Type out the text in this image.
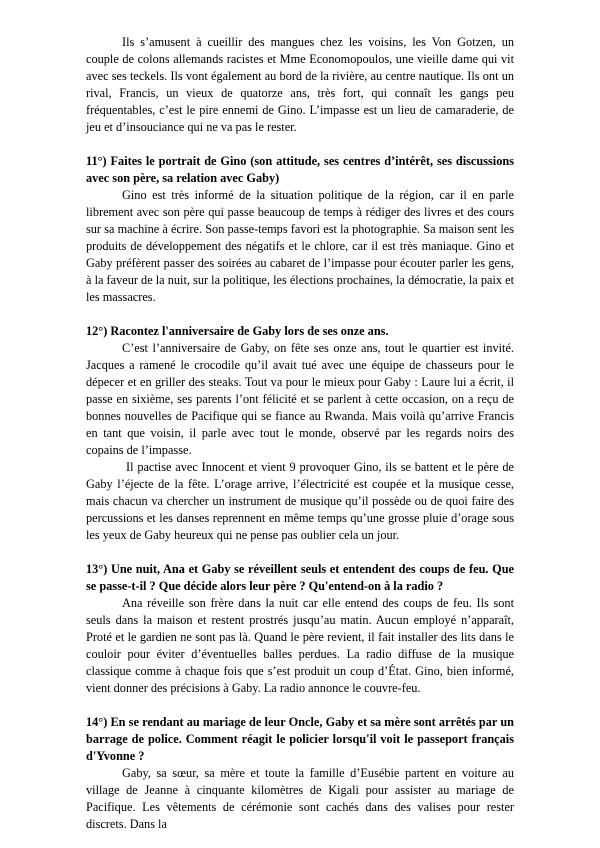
Ils s’amusent à cueillir des mangues chez les voisins, les Von Gotzen, un couple de colons allemands racistes et Mme Economopoulos, une vieille dame qui vit avec ses teckels. Ils vont également au bord de la rivière, au centre nautique. Ils ont un rival, Francis, un vieux de quatorze ans, très fort, qui connaît les gangs peu fréquentables, c’est le pire ennemi de Gino. L’impasse est un lieu de camaraderie, de jeu et d’insouciance qui ne va pas le rester.

11°) Faites le portrait de Gino (son attitude, ses centres d’intérêt, ses discussions avec son père, sa relation avec Gaby)

Gino est très informé de la situation politique de la région, car il en parle librement avec son père qui passe beaucoup de temps à rédiger des livres et des cours sur sa machine à écrire. Son passe-temps favori est la photographie. Sa maison sent les produits de développement des négatifs et le chlore, car il est très maniaque. Gino et Gaby préfèrent passer des soirées au cabaret de l’impasse pour écouter parler les gens, à la faveur de la nuit, sur la politique, les élections prochaines, la démocratie, la paix et les massacres.

12°) Racontez l'anniversaire de Gaby lors de ses onze ans.

C’est l’anniversaire de Gaby, on fête ses onze ans, tout le quartier est invité. Jacques a ramené le crocodile qu’il avait tué avec une équipe de chasseurs pour le dépecer et en griller des steaks. Tout va pour le mieux pour Gaby : Laure lui a écrit, il passe en sixième, ses parents l’ont félicité et se parlent à cette occasion, on a reçu de bonnes nouvelles de Pacifique qui se fiance au Rwanda. Mais voilà qu’arrive Francis en tant que voisin, il parle avec tout le monde, observé par les regards noirs des copains de l’impasse.

Il pactise avec Innocent et vient 9 provoquer Gino, ils se battent et le père de Gaby l’éjecte de la fête. L’orage arrive, l’électricité est coupée et la musique cesse, mais chacun va chercher un instrument de musique qu’il possède ou de quoi faire des percussions et les danses reprennent en même temps qu’une grosse pluie d’orage sous les yeux de Gaby heureux qui ne pense pas oublier cela un jour.

13°) Une nuit, Ana et Gaby se réveillent seuls et entendent des coups de feu. Que se passe-t-il ? Que décide alors leur père ? Qu'entend-on à la radio ?

Ana réveille son frère dans la nuit car elle entend des coups de feu. Ils sont seuls dans la maison et restent prostrés jusqu’au matin. Aucun employé n’apparaît, Proté et le gardien ne sont pas là. Quand le père revient, il fait installer des lits dans le couloir pour éviter d’éventuelles balles perdues. La radio diffuse de la musique classique comme à chaque fois que s’est produit un coup d’État. Gino, bien informé, vient donner des précisions à Gaby. La radio annonce le couvre-feu.

14°) En se rendant au mariage de leur Oncle, Gaby et sa mère sont arrêtés par un barrage de police. Comment réagit le policier lorsqu'il voit le passeport français d'Yvonne ?

Gaby, sa sœur, sa mère et toute la famille d’Eusébie partent en voiture au village de Jeanne à cinquante kilomètres de Kigali pour assister au mariage de Pacifique. Les vêtements de cérémonie sont cachés dans des valises pour rester discrets. Dans la
